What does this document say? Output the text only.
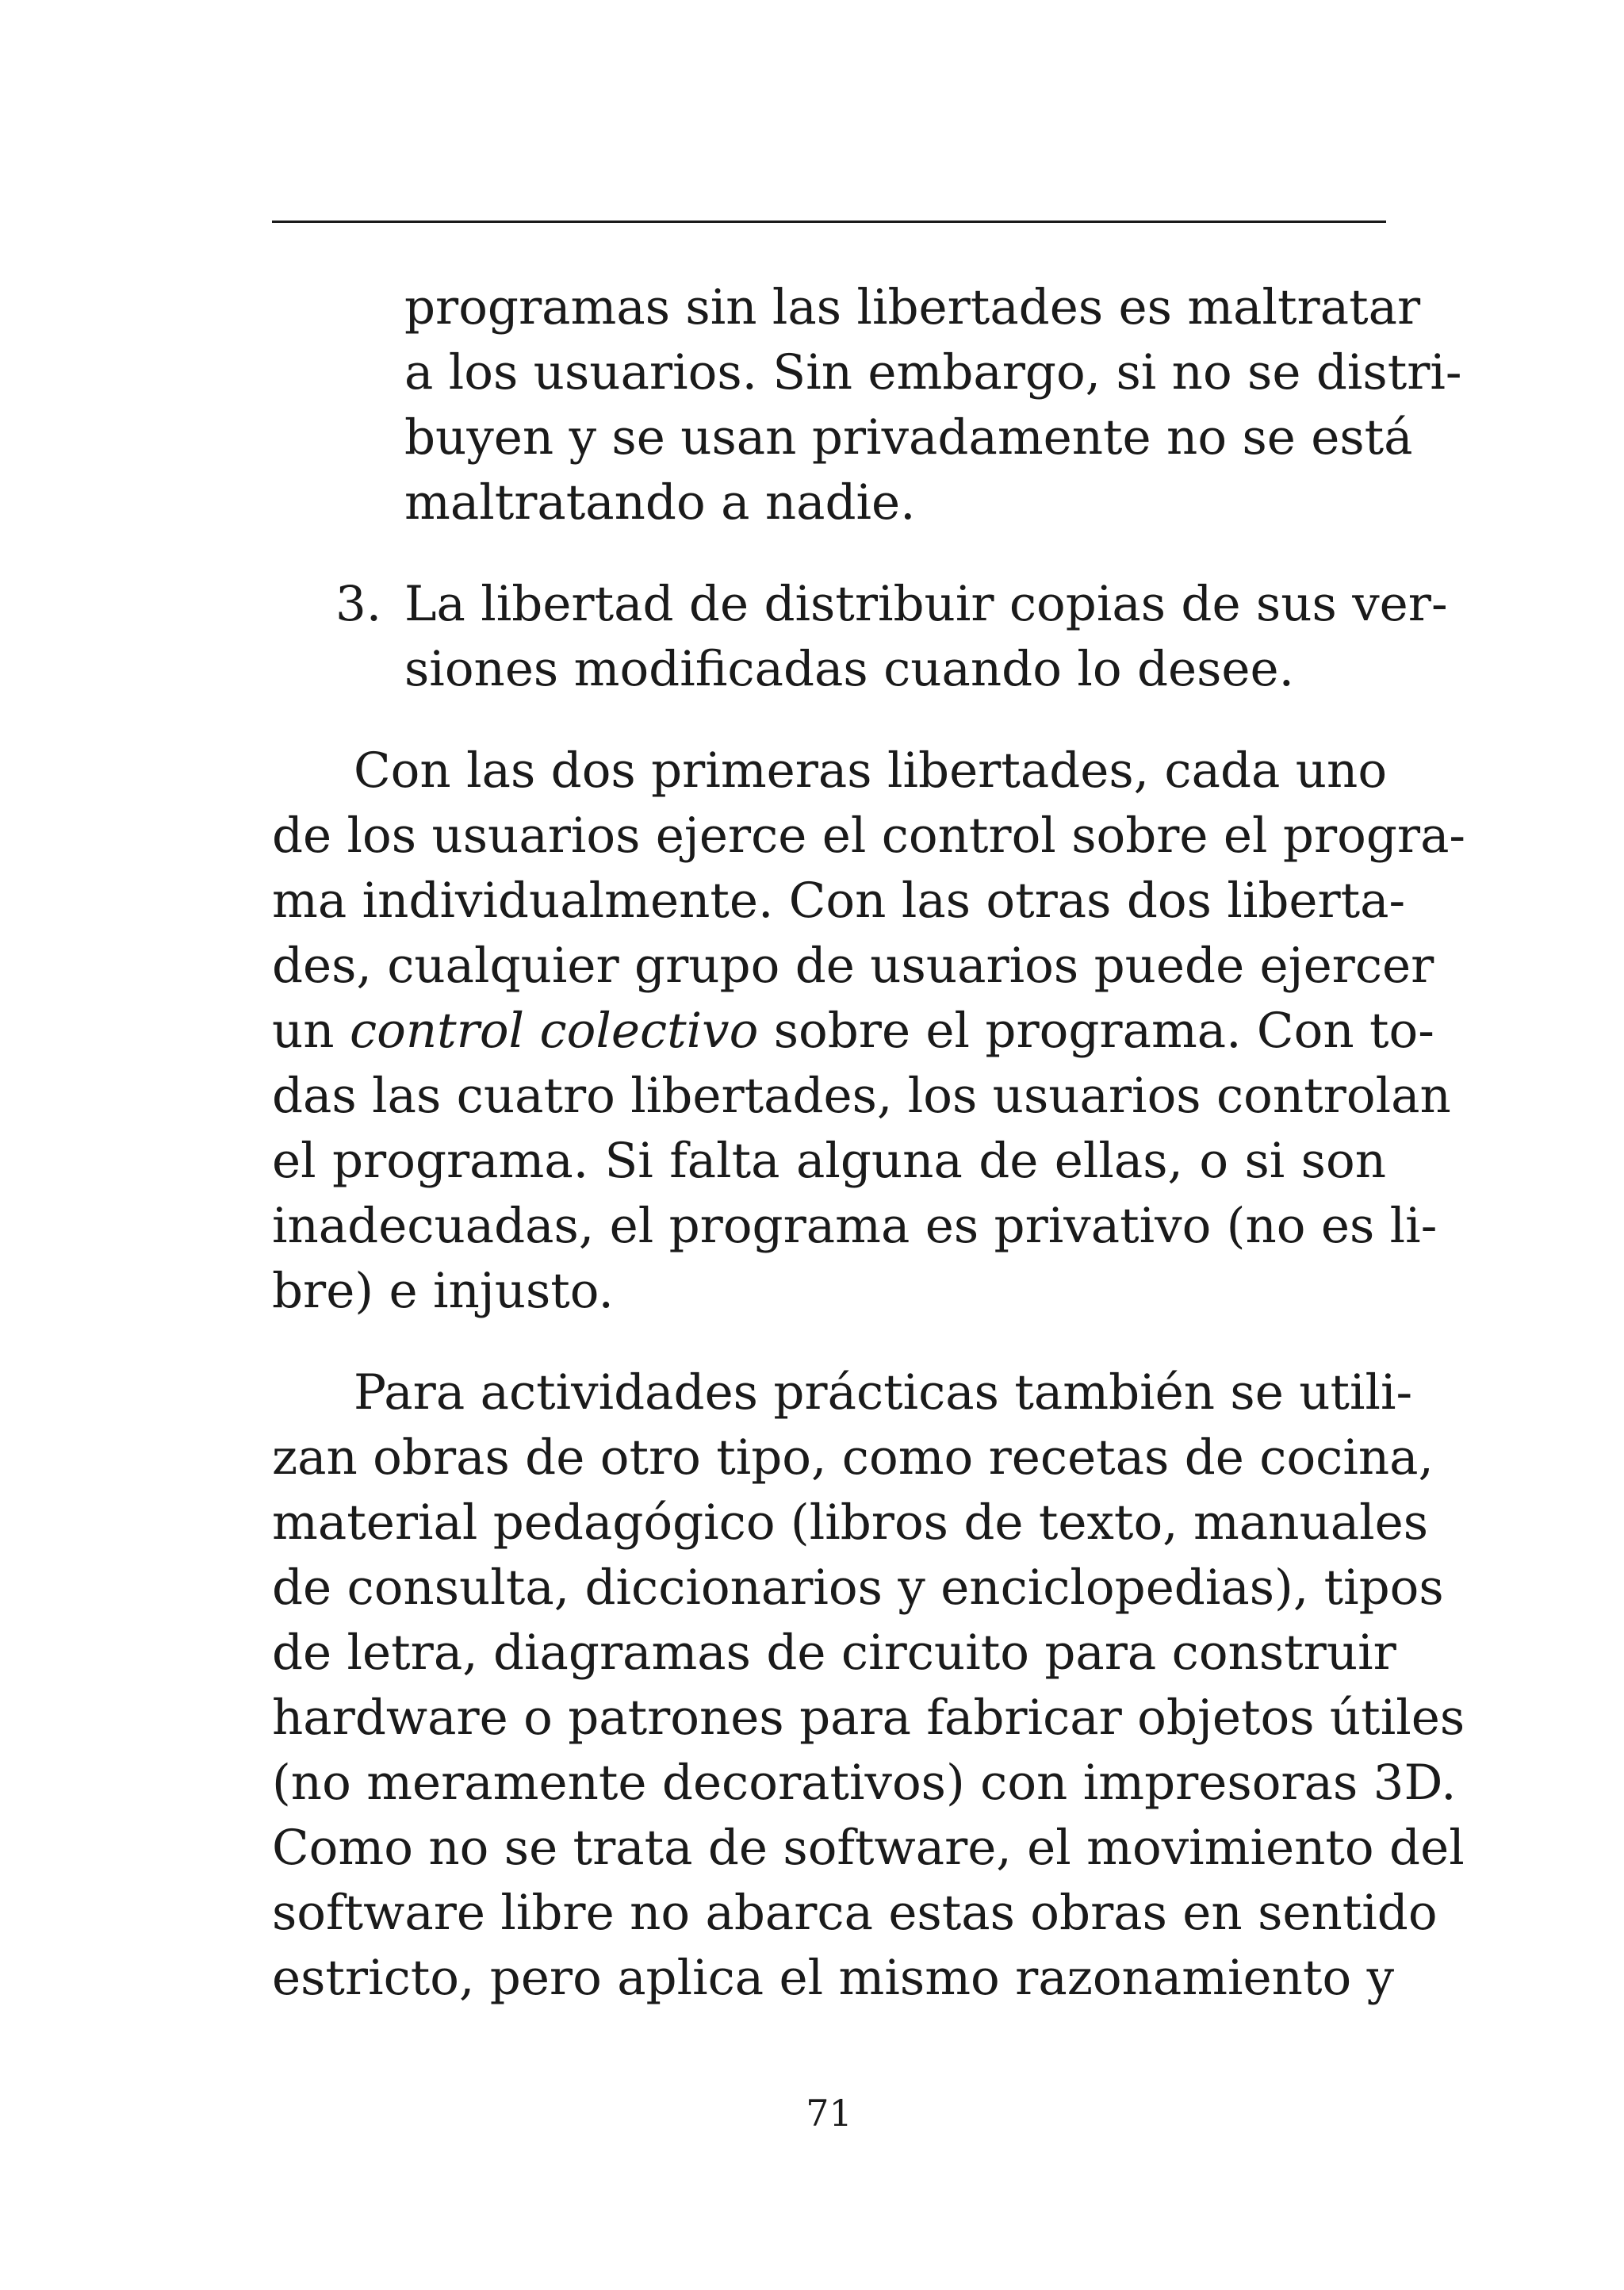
programas sin las libertades es maltratar
a los usuarios. Sin embargo, si no se distri-
buyen y se usan privadamente no se está
maltratando a nadie.
3. La libertad de distribuir copias de sus ver-
siones modificadas cuando lo desee.
Con las dos primeras libertades, cada uno
de los usuarios ejerce el control sobre el progra-
ma individualmente. Con las otras dos liberta-
des, cualquier grupo de usuarios puede ejercer
un control colectivo sobre el programa. Con to-
das las cuatro libertades, los usuarios controlan
el programa. Si falta alguna de ellas, o si son
inadecuadas, el programa es privativo (no es li-
bre) e injusto.
Para actividades prácticas también se utili-
zan obras de otro tipo, como recetas de cocina,
material pedagógico (libros de texto, manuales
de consulta, diccionarios y enciclopedias), tipos
de letra, diagramas de circuito para construir
hardware o patrones para fabricar objetos útiles
(no meramente decorativos) con impresoras 3D.
Como no se trata de software, el movimiento del
software libre no abarca estas obras en sentido
estricto, pero aplica el mismo razonamiento y
71
